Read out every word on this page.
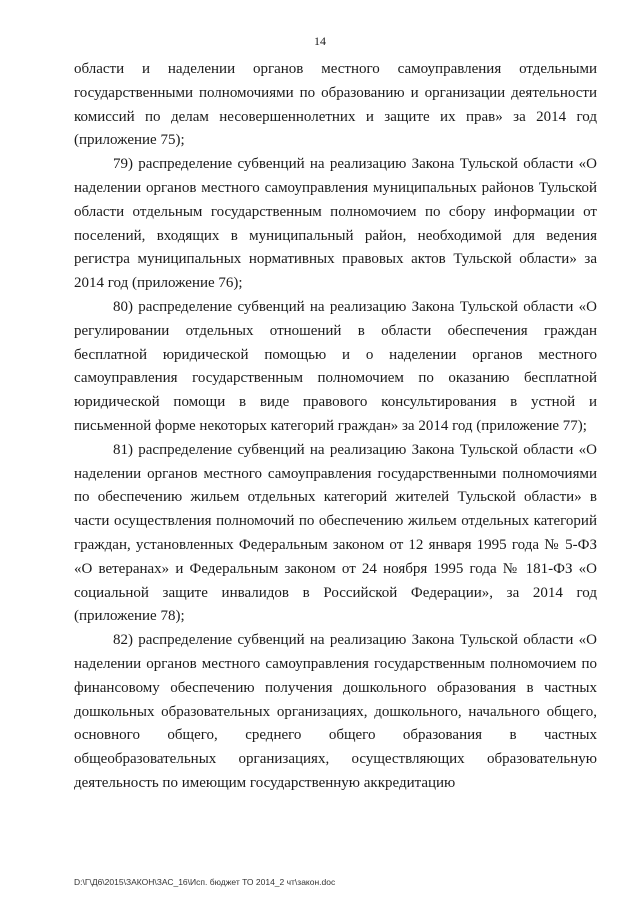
14

области и наделении органов местного самоуправления отдельными государственными полномочиями по образованию и организации деятельности комиссий по делам несовершеннолетних и защите их прав» за 2014 год (приложение 75);

79) распределение субвенций на реализацию Закона Тульской области «О наделении органов местного самоуправления муниципальных районов Тульской области отдельным государственным полномочием по сбору информации от поселений, входящих в муниципальный район, необходимой для ведения регистра муниципальных нормативных правовых актов Тульской области» за 2014 год (приложение 76);

80) распределение субвенций на реализацию Закона Тульской области «О регулировании отдельных отношений в области обеспечения граждан бесплатной юридической помощью и о наделении органов местного самоуправления государственным полномочием по оказанию бесплатной юридической помощи в виде правового консультирования в устной и письменной форме некоторых категорий граждан» за 2014 год (приложение 77);

81) распределение субвенций на реализацию Закона Тульской области «О наделении органов местного самоуправления государственными полномочиями по обеспечению жильем отдельных категорий жителей Тульской области» в части осуществления полномочий по обеспечению жильем отдельных категорий граждан, установленных Федеральным законом от 12 января 1995 года № 5-ФЗ «О ветеранах» и Федеральным законом от 24 ноября 1995 года № 181-ФЗ «О социальной защите инвалидов в Российской Федерации», за 2014 год (приложение 78);

82) распределение субвенций на реализацию Закона Тульской области «О наделении органов местного самоуправления государственным полномочием по финансовому обеспечению получения дошкольного образования в частных дошкольных образовательных организациях, дошкольного, начального общего, основного общего, среднего общего образования в частных общеобразовательных организациях, осуществляющих образовательную деятельность по имеющим государственную аккредитацию

D:\Г\Д6\2015\ЗАКОН\ЗАС_16\Исп. бюджет ТО 2014_2 чт\закон.doc
